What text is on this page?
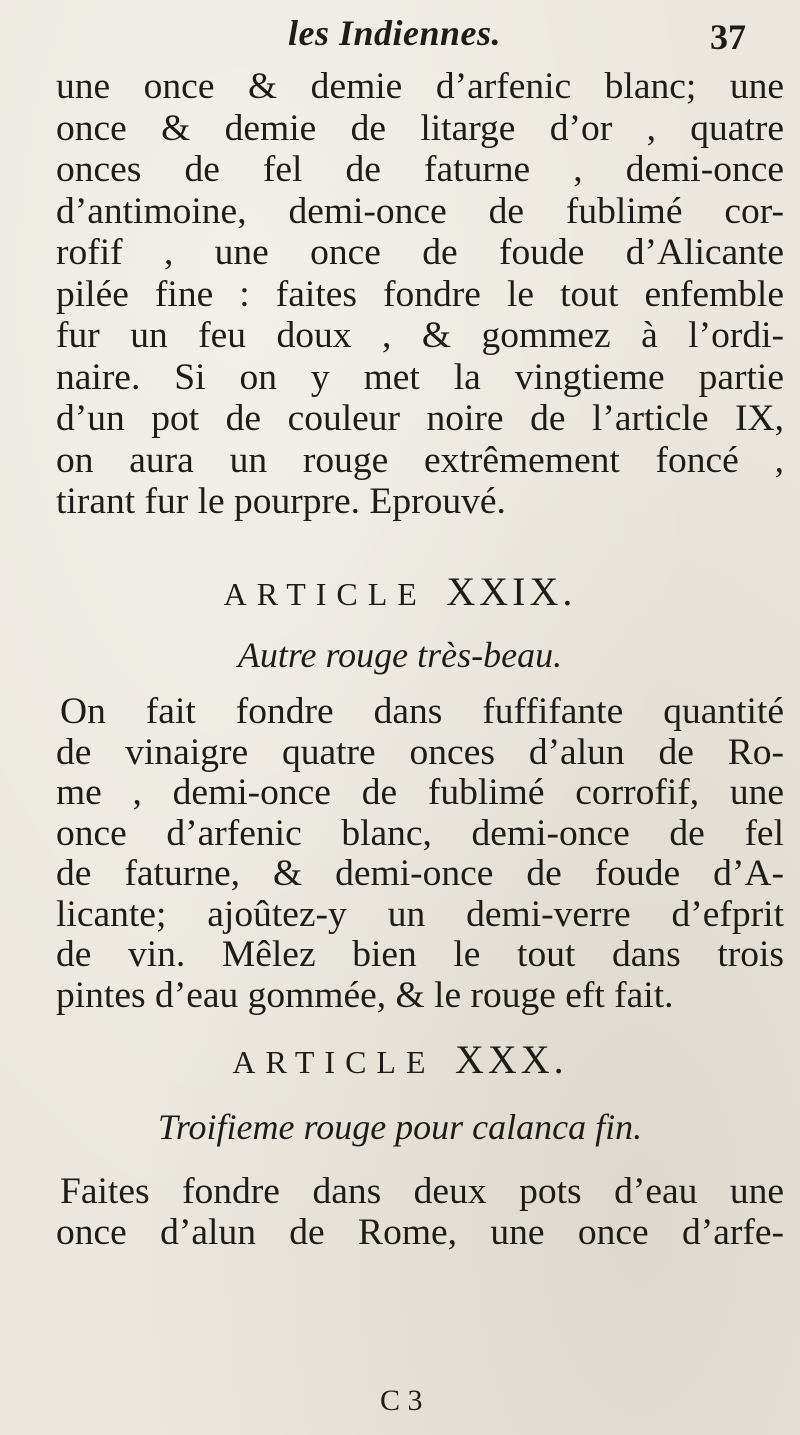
les Indiennes.	37
une once & demie d’arfenic blanc; une
once & demie de litarge d’or , quatre
onces de fel de faturne , demi-once
d’antimoine, demi-once de fublimé cor-
rofif , une once de foude d’Alicante
pilée fine : faites fondre le tout enfemble
fur un feu doux , & gommez à l’ordi-
naire. Si on y met la vingtieme partie
d’un pot de couleur noire de l’article IX,
on aura un rouge extrêmement foncé ,
tirant fur le pourpre. Eprouvé.
ARTICLE XXIX.
Autre rouge très-beau.
On fait fondre dans fuffifante quantité
de vinaigre quatre onces d’alun de Ro-
me , demi-once de fublimé corrofif, une
once d’arfenic blanc, demi-once de fel
de faturne, & demi-once de foude d’A-
licante; ajoûtez-y un demi-verre d’efprit
de vin. Mêlez bien le tout dans trois
pintes d’eau gommée, & le rouge eft fait.
ARTICLE XXX.
Troifieme rouge pour calanca fin.
Faites fondre dans deux pots d’eau une
once d’alun de Rome, une once d’arfe-
C 3
